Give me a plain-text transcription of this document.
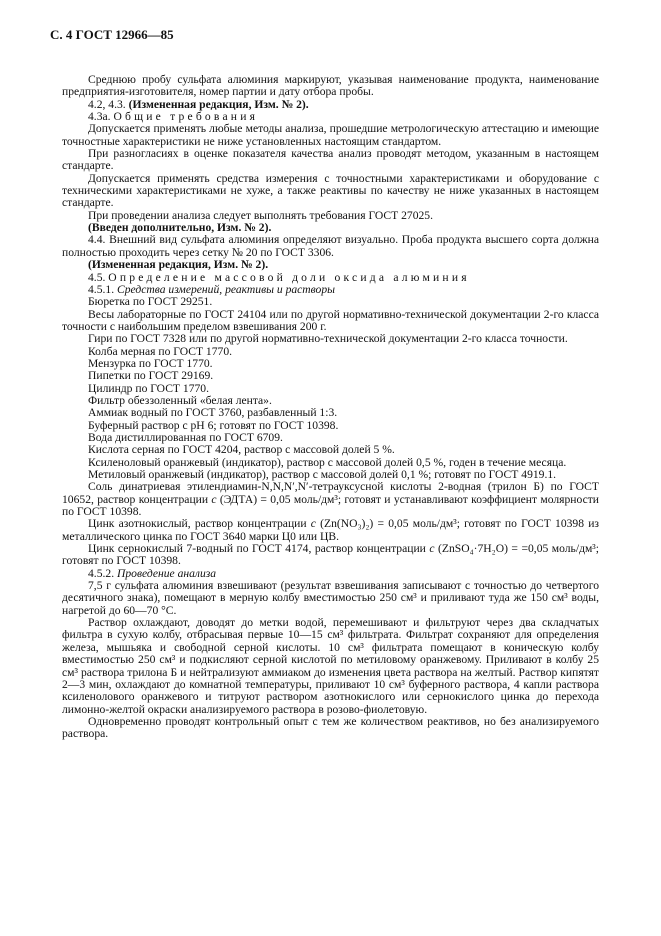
С. 4 ГОСТ 12966—85

Среднюю пробу сульфата алюминия маркируют, указывая наименование продукта, наименование предприятия-изготовителя, номер партии и дату отбора пробы.

4.2, 4.3. (Измененная редакция, Изм. № 2).

4.3а. Общие требования

Допускается применять любые методы анализа, прошедшие метрологическую аттестацию и имеющие точностные характеристики не ниже установленных настоящим стандартом.

При разногласиях в оценке показателя качества анализ проводят методом, указанным в настоящем стандарте.

Допускается применять средства измерения с точностными характеристиками и оборудование с техническими характеристиками не хуже, а также реактивы по качеству не ниже указанных в настоящем стандарте.

При проведении анализа следует выполнять требования ГОСТ 27025.

(Введен дополнительно, Изм. № 2).

4.4. Внешний вид сульфата алюминия определяют визуально. Проба продукта высшего сорта должна полностью проходить через сетку № 20 по ГОСТ 3306.

(Измененная редакция, Изм. № 2).

4.5. Определение массовой доли оксида алюминия

4.5.1. Средства измерений, реактивы и растворы

Бюретка по ГОСТ 29251.

Весы лабораторные по ГОСТ 24104 или по другой нормативно-технической документации 2-го класса точности с наибольшим пределом взвешивания 200 г.

Гири по ГОСТ 7328 или по другой нормативно-технической документации 2-го класса точности.

Колба мерная по ГОСТ 1770.

Мензурка по ГОСТ 1770.

Пипетки по ГОСТ 29169.

Цилиндр по ГОСТ 1770.

Фильтр обеззоленный «белая лента».

Аммиак водный по ГОСТ 3760, разбавленный 1:3.

Буферный раствор с pH 6; готовят по ГОСТ 10398.

Вода дистиллированная по ГОСТ 6709.

Кислота серная по ГОСТ 4204, раствор с массовой долей 5 %.

Ксиленоловый оранжевый (индикатор), раствор с массовой долей 0,5 %, годен в течение месяца.

Метиловый оранжевый (индикатор), раствор с массовой долей 0,1 %; готовят по ГОСТ 4919.1.

Соль динатриевая этилендиамин-N,N,N′,N′-тетрауксусной кислоты 2-водная (трилон Б) по ГОСТ 10652, раствор концентрации c (ЭДТА) = 0,05 моль/дм³; готовят и устанавливают коэффициент молярности по ГОСТ 10398.

Цинк азотнокислый, раствор концентрации c (Zn(NO₃)₂) = 0,05 моль/дм³; готовят по ГОСТ 10398 из металлического цинка по ГОСТ 3640 марки Ц0 или ЦВ.

Цинк сернокислый 7-водный по ГОСТ 4174, раствор концентрации c (ZnSO₄·7H₂O) = =0,05 моль/дм³; готовят по ГОСТ 10398.

4.5.2. Проведение анализа

7,5 г сульфата алюминия взвешивают (результат взвешивания записывают с точностью до четвертого десятичного знака), помещают в мерную колбу вместимостью 250 см³ и приливают туда же 150 см³ воды, нагретой до 60—70 °С.

Раствор охлаждают, доводят до метки водой, перемешивают и фильтруют через два складчатых фильтра в сухую колбу, отбрасывая первые 10—15 см³ фильтрата. Фильтрат сохраняют для определения железа, мышьяка и свободной серной кислоты. 10 см³ фильтрата помещают в коническую колбу вместимостью 250 см³ и подкисляют серной кислотой по метиловому оранжевому. Приливают в колбу 25 см³ раствора трилона Б и нейтрализуют аммиаком до изменения цвета раствора на желтый. Раствор кипятят 2—3 мин, охлаждают до комнатной температуры, приливают 10 см³ буферного раствора, 4 капли раствора ксиленолового оранжевого и титруют раствором азотнокислого или сернокислого цинка до перехода лимонно-желтой окраски анализируемого раствора в розово-фиолетовую.

Одновременно проводят контрольный опыт с тем же количеством реактивов, но без анализируемого раствора.
